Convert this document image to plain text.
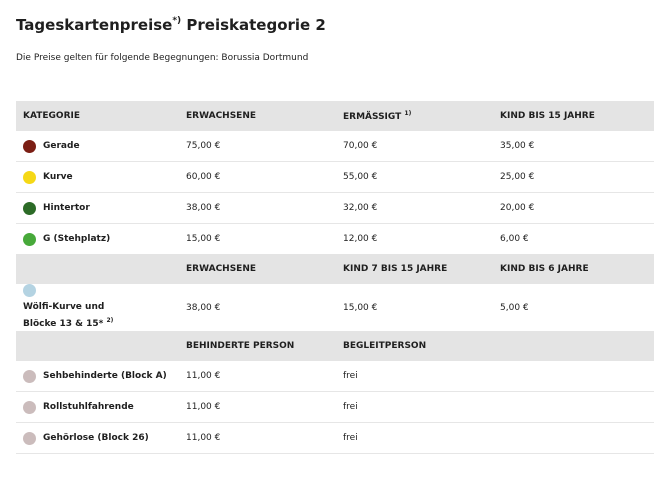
Tageskartenpreise*) Preiskategorie 2
Die Preise gelten für folgende Begegnungen: Borussia Dortmund
KATEGORIE	ERWACHSENE	ERMÄSSIGT $^{1)}$	KIND BIS 15 JAHRE

Gerade	75,00 €	70,00 €	35,00 €

Kurve	60,00 €	55,00 €	25,00 €

Hintertor	38,00 €	32,00 €	20,00 €

G (Stehplatz)	15,00 €	12,00 €	6,00 €
	ERWACHSENE	KIND 7 BIS 15 JAHRE	KIND BIS 6 JAHRE

Wölfi-Kurve und
Blöcke 13 & 15* $^{2)}$	38,00 €	15,00 €	5,00 €
	BEHINDERTE PERSON	BEGLEITPERSON	

Sehbehinderte (Block A)	11,00 €	frei	

Rollstuhlfahrende	11,00 €	frei	

Gehörlose (Block 26)	11,00 €	frei	
